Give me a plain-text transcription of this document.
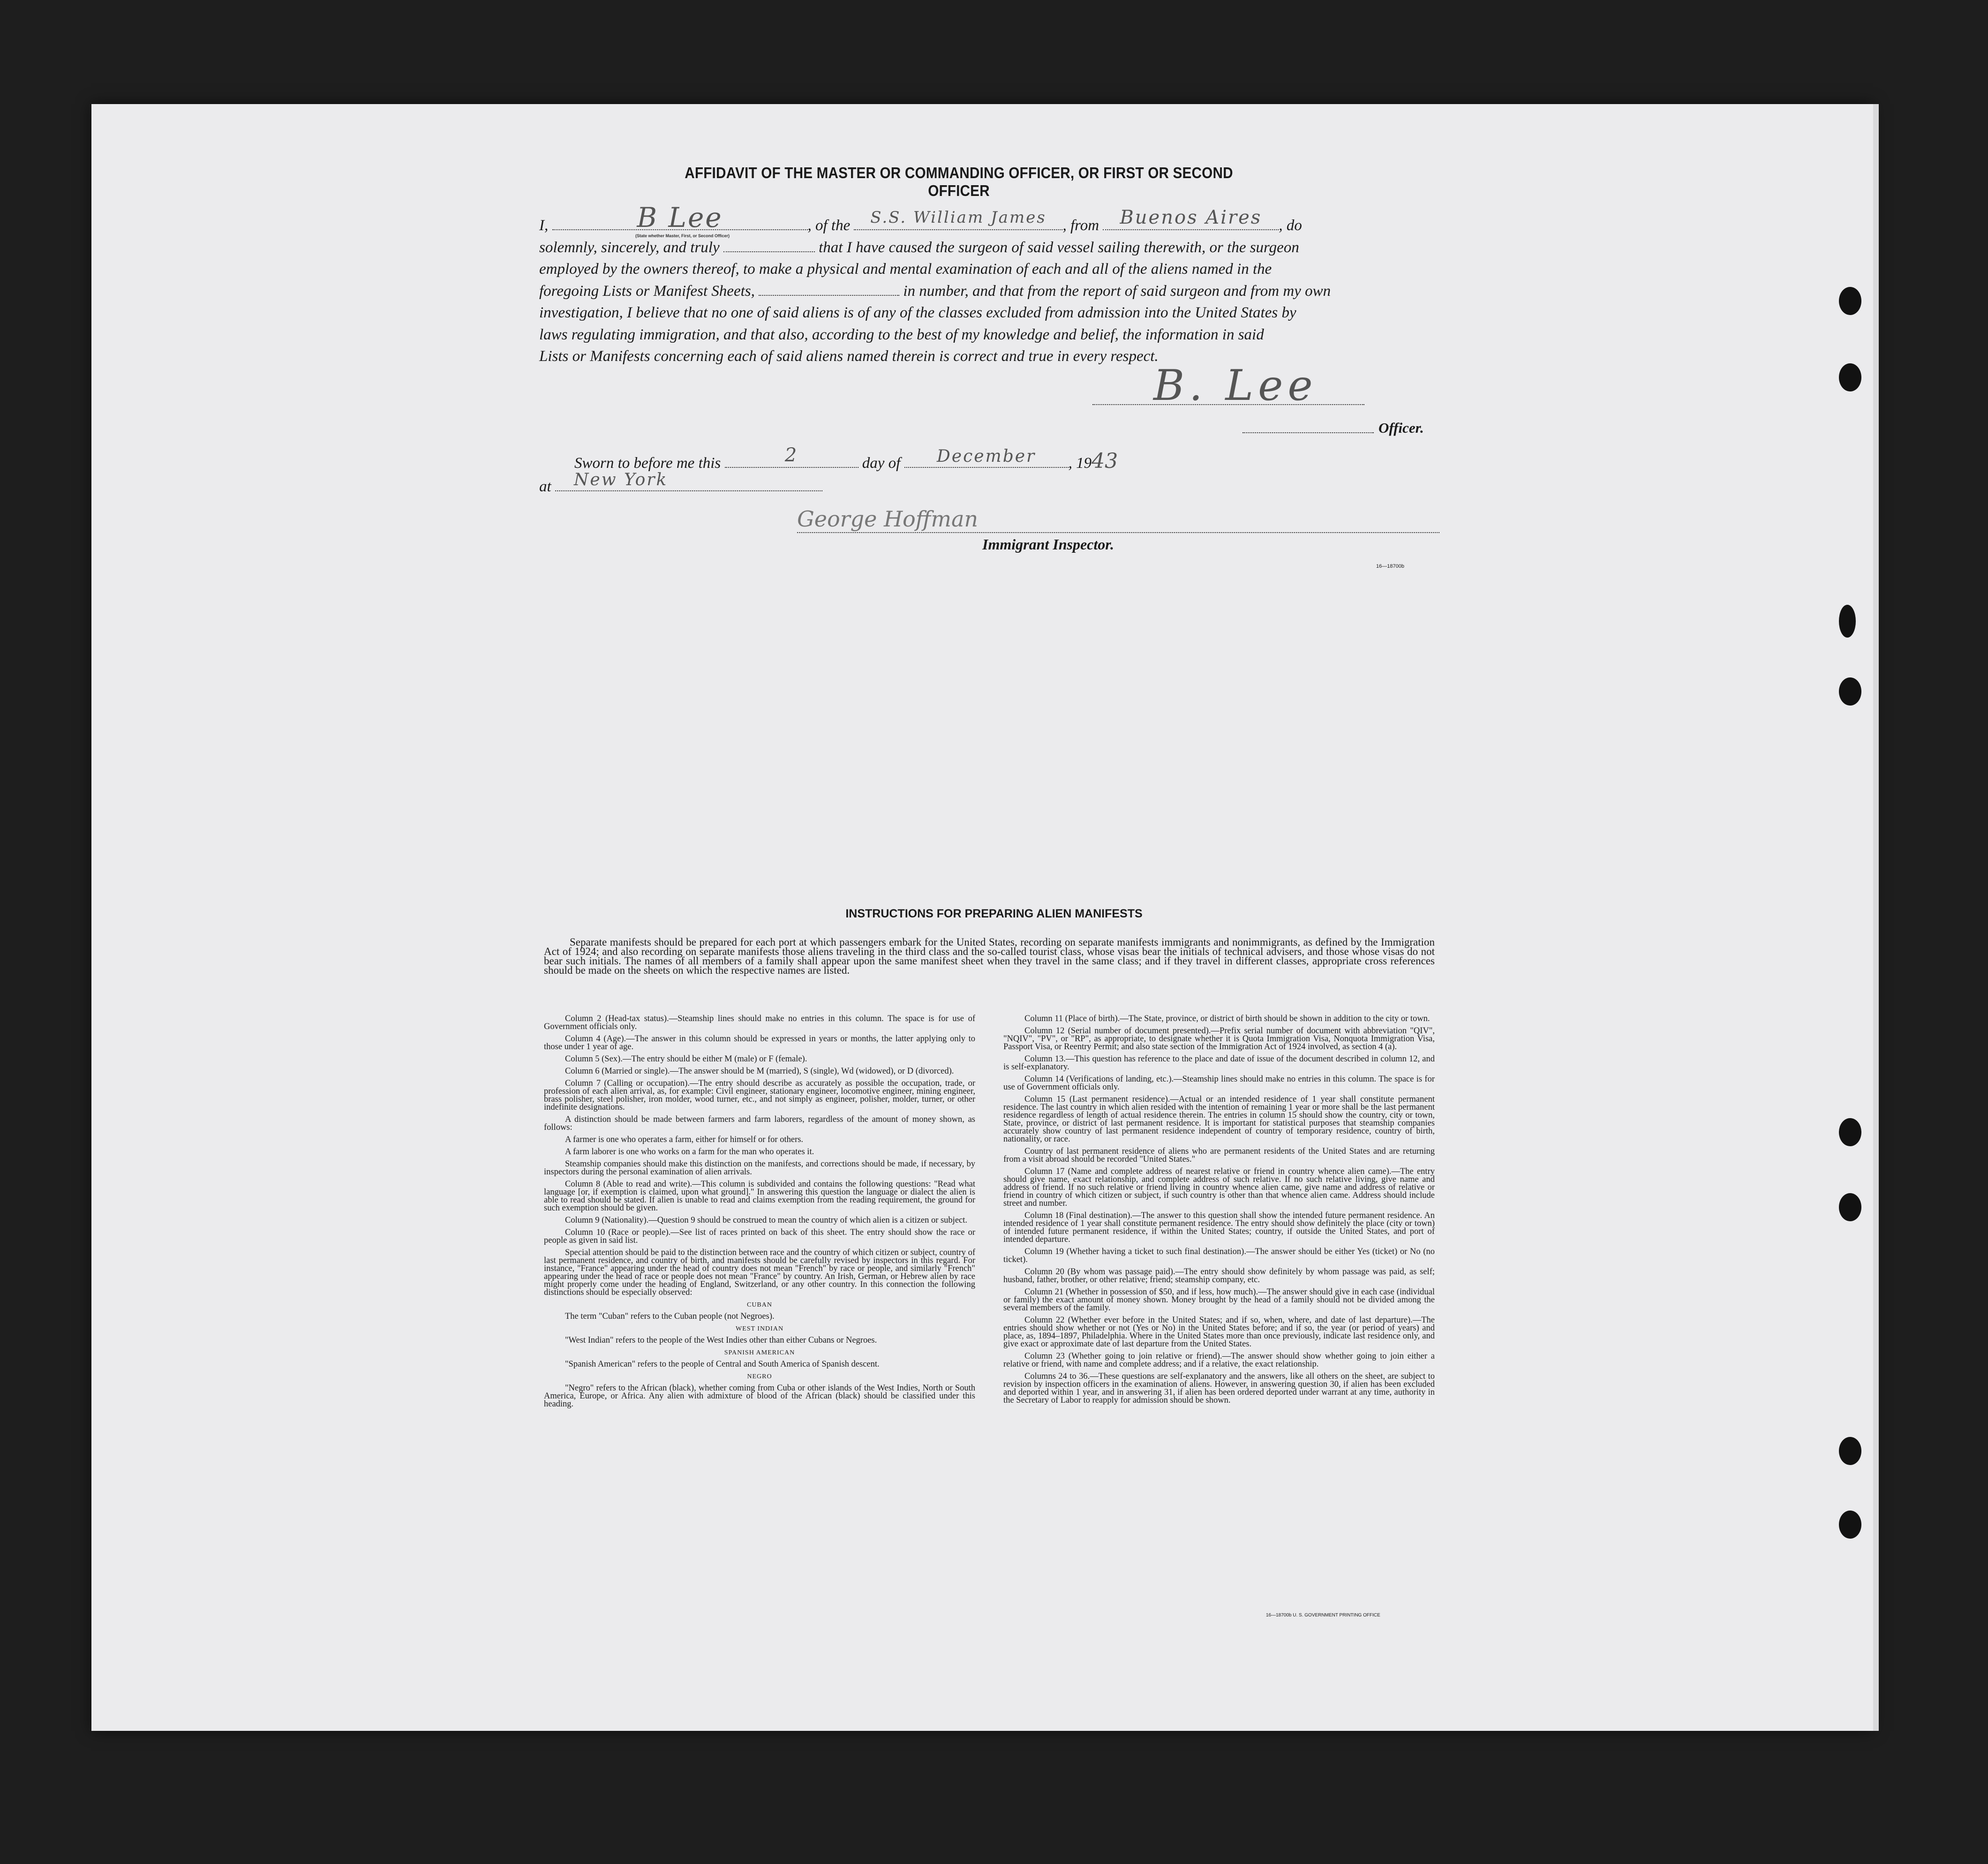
AFFIDAVIT OF THE MASTER OR COMMANDING OFFICER, OR FIRST OR SECOND OFFICER
I,	B Lee	, of the	S.S. William James	, from	Buenos Aires	, do
solemnly, sincerely, and truly	that I have caused the surgeon of said vessel sailing therewith, or the surgeon
employed by the owners thereof, to make a physical and mental examination of each and all of the aliens named in the
foregoing Lists or Manifest Sheets,	in number, and that from the report of said surgeon and from my own
investigation, I believe that no one of said aliens is of any of the classes excluded from admission into the United States by
laws regulating immigration, and that also, according to the best of my knowledge and belief, the information in said
Lists or Manifests concerning each of said aliens named therein is correct and true in every respect.
(State whether Master, First, or Second Officer)
B. Lee
Officer.
Sworn to before me this	2	day of	December	, 1943
at New York
George Hoffman
Immigrant Inspector.
16—18700b
INSTRUCTIONS FOR PREPARING ALIEN MANIFESTS
Separate manifests should be prepared for each port at which passengers embark for the United States, recording on separate manifests immigrants and nonimmigrants, as defined by the Immigration Act of 1924; and also recording on separate manifests those aliens traveling in the third class and the so-called tourist class, whose visas bear the initials of technical advisers, and those whose visas do not bear such initials. The names of all members of a family shall appear upon the same manifest sheet when they travel in the same class; and if they travel in different classes, appropriate cross references should be made on the sheets on which the respective names are listed.

Column 2 (Head-tax status).—Steamship lines should make no entries in this column. The space is for use of Government officials only.

Column 4 (Age).—The answer in this column should be expressed in years or months, the latter applying only to those under 1 year of age.

Column 5 (Sex).—The entry should be either M (male) or F (female).

Column 6 (Married or single).—The answer should be M (married), S (single), Wd (widowed), or D (divorced).

Column 7 (Calling or occupation).—The entry should describe as accurately as possible the occupation, trade, or profession of each alien arrival, as, for example: Civil engineer, stationary engineer, locomotive engineer, mining engineer, brass polisher, steel polisher, iron molder, wood turner, etc., and not simply as engineer, polisher, molder, turner, or other indefinite designations.

A distinction should be made between farmers and farm laborers, regardless of the amount of money shown, as follows:

A farmer is one who operates a farm, either for himself or for others.

A farm laborer is one who works on a farm for the man who operates it.

Steamship companies should make this distinction on the manifests, and corrections should be made, if necessary, by inspectors during the personal examination of alien arrivals.

Column 8 (Able to read and write).—This column is subdivided and contains the following questions: "Read what language [or, if exemption is claimed, upon what ground]." In answering this question the language or dialect the alien is able to read should be stated. If alien is unable to read and claims exemption from the reading requirement, the ground for such exemption should be given.

Column 9 (Nationality).—Question 9 should be construed to mean the country of which alien is a citizen or subject.

Column 10 (Race or people).—See list of races printed on back of this sheet. The entry should show the race or people as given in said list.

Special attention should be paid to the distinction between race and the country of which citizen or subject, country of last permanent residence, and country of birth, and manifests should be carefully revised by inspectors in this regard. For instance, "France" appearing under the head of country does not mean "French" by race or people, and similarly "French" appearing under the head of race or people does not mean "France" by country. An Irish, German, or Hebrew alien by race might properly come under the heading of England, Switzerland, or any other country. In this connection the following distinctions should be especially observed:

CUBAN

The term "Cuban" refers to the Cuban people (not Negroes).

WEST INDIAN

"West Indian" refers to the people of the West Indies other than either Cubans or Negroes.

SPANISH AMERICAN

"Spanish American" refers to the people of Central and South America of Spanish descent.

NEGRO

"Negro" refers to the African (black), whether coming from Cuba or other islands of the West Indies, North or South America, Europe, or Africa. Any alien with admixture of blood of the African (black) should be classified under this heading.

Column 11 (Place of birth).—The State, province, or district of birth should be shown in addition to the city or town.

Column 12 (Serial number of document presented).—Prefix serial number of document with abbreviation "QIV", "NQIV", "PV", or "RP", as appropriate, to designate whether it is Quota Immigration Visa, Nonquota Immigration Visa, Passport Visa, or Reentry Permit; and also state section of the Immigration Act of 1924 involved, as section 4 (a).

Column 13.—This question has reference to the place and date of issue of the document described in column 12, and is self-explanatory.

Column 14 (Verifications of landing, etc.).—Steamship lines should make no entries in this column. The space is for use of Government officials only.

Column 15 (Last permanent residence).—Actual or an intended residence of 1 year shall constitute permanent residence. The last country in which alien resided with the intention of remaining 1 year or more shall be the last permanent residence regardless of length of actual residence therein. The entries in column 15 should show the country, city or town, State, province, or district of last permanent residence. It is important for statistical purposes that steamship companies accurately show country of last permanent residence independent of country of temporary residence, country of birth, nationality, or race.

Country of last permanent residence of aliens who are permanent residents of the United States and are returning from a visit abroad should be recorded "United States."

Column 17 (Name and complete address of nearest relative or friend in country whence alien came).—The entry should give name, exact relationship, and complete address of such relative. If no such relative living, give name and address of friend. If no such relative or friend living in country whence alien came, give name and address of relative or friend in country of which citizen or subject, if such country is other than that whence alien came. Address should include street and number.

Column 18 (Final destination).—The answer to this question shall show the intended future permanent residence. An intended residence of 1 year shall constitute permanent residence. The entry should show definitely the place (city or town) of intended future permanent residence, if within the United States; country, if outside the United States, and port of intended departure.

Column 19 (Whether having a ticket to such final destination).—The answer should be either Yes (ticket) or No (no ticket).

Column 20 (By whom was passage paid).—The entry should show definitely by whom passage was paid, as self; husband, father, brother, or other relative; friend; steamship company, etc.

Column 21 (Whether in possession of $50, and if less, how much).—The answer should give in each case (individual or family) the exact amount of money shown. Money brought by the head of a family should not be divided among the several members of the family.

Column 22 (Whether ever before in the United States; and if so, when, where, and date of last departure).—The entries should show whether or not (Yes or No) in the United States before; and if so, the year (or period of years) and place, as, 1894–1897, Philadelphia. Where in the United States more than once previously, indicate last residence only, and give exact or approximate date of last departure from the United States.

Column 23 (Whether going to join relative or friend).—The answer should show whether going to join either a relative or friend, with name and complete address; and if a relative, the exact relationship.

Columns 24 to 36.—These questions are self-explanatory and the answers, like all others on the sheet, are subject to revision by inspection officers in the examination of aliens. However, in answering question 30, if alien has been excluded and deported within 1 year, and in answering 31, if alien has been ordered deported under warrant at any time, authority in the Secretary of Labor to reapply for admission should be shown.

16—18700b U. S. GOVERNMENT PRINTING OFFICE
